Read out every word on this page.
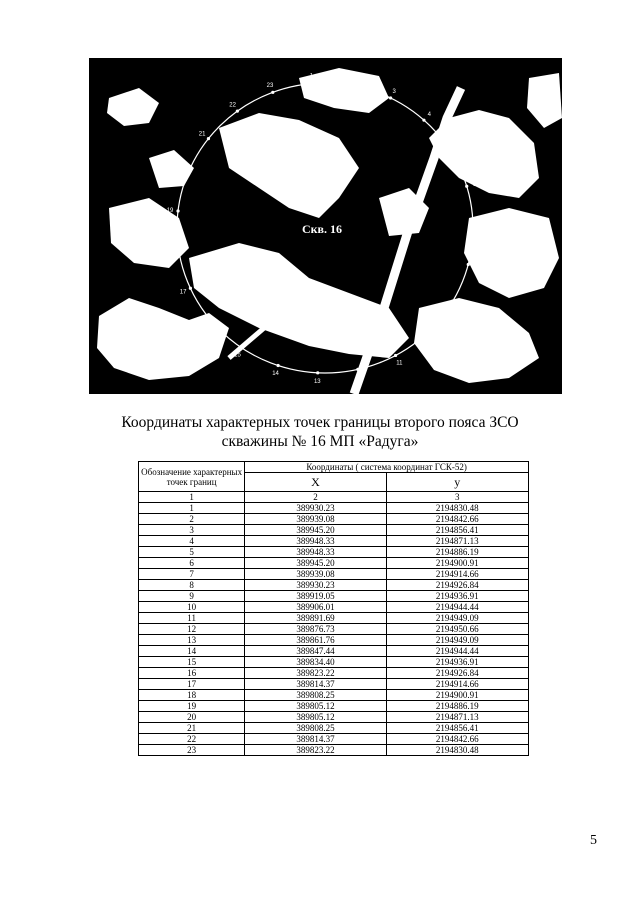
1	2
3
4
5
6
7
8
9
10
11
12
13
14
15
16
17
18
19
20
21
22
23
Скв. 16
Координаты характерных точек границы второго пояса ЗСО
скважины № 16 МП «Радуга»
Обозначение характерных точек границ	Координаты ( система координат ГСК-52)	
	X	у
1	2	3
1	389930.23	2194830.48
2	389939.08	2194842.66
3	389945.20	2194856.41
4	389948.33	2194871.13
5	389948.33	2194886.19
6	389945.20	2194900.91
7	389939.08	2194914.66
8	389930.23	2194926.84
9	389919.05	2194936.91
10	389906.01	2194944.44
11	389891.69	2194949.09
12	389876.73	2194950.66
13	389861.76	2194949.09
14	389847.44	2194944.44
15	389834.40	2194936.91
16	389823.22	2194926.84
17	389814.37	2194914.66
18	389808.25	2194900.91
19	389805.12	2194886.19
20	389805.12	2194871.13
21	389808.25	2194856.41
22	389814.37	2194842.66
23	389823.22	2194830.48
5
